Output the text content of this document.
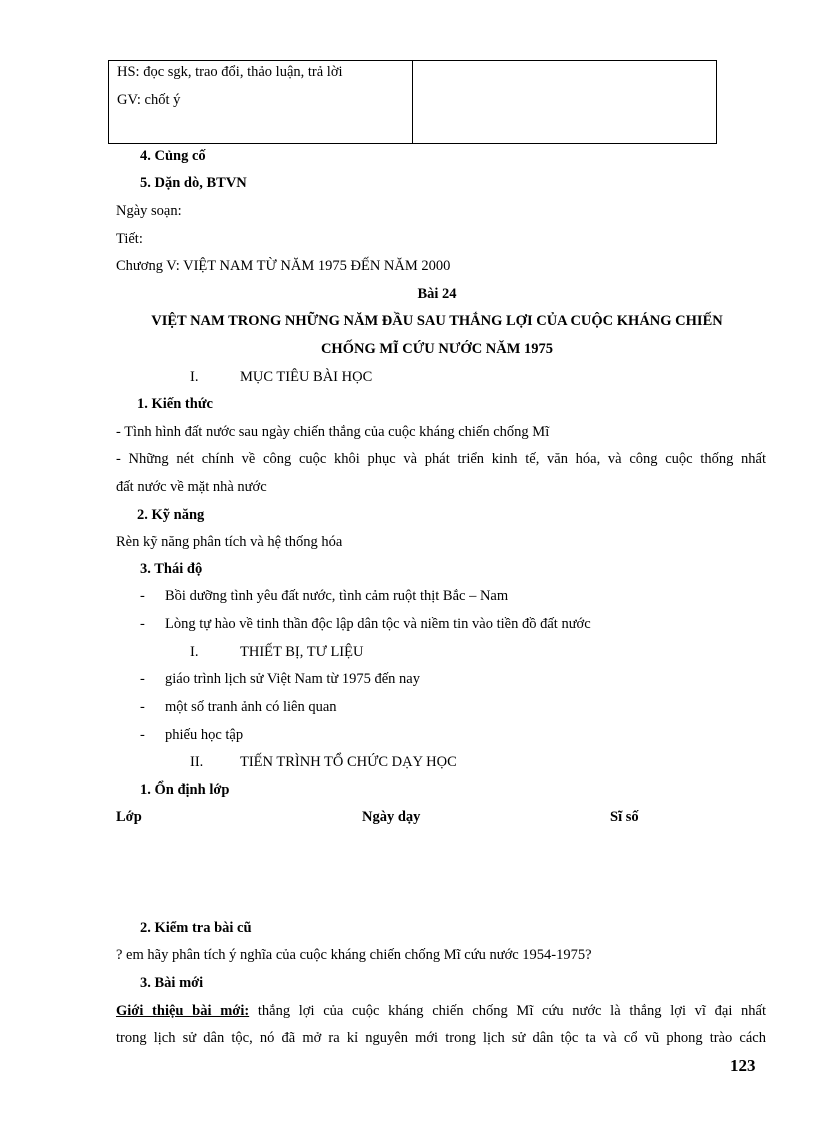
HS: đọc sgk, trao đổi, thảo luận, trả lời
GV: chốt ý
4. Củng cố
5. Dặn dò, BTVN
Ngày soạn:
Tiết:
Chương V: VIỆT NAM TỪ NĂM 1975 ĐẾN NĂM 2000
Bài 24
VIỆT NAM TRONG NHỮNG NĂM ĐẦU SAU THẮNG LỢI CỦA CUỘC KHÁNG CHIẾN
CHỐNG MĨ CỨU NƯỚC NĂM 1975
I.	MỤC TIÊU BÀI HỌC
1. Kiến thức
- Tình hình đất nước sau ngày chiến thắng của cuộc kháng chiến chống Mĩ
- Những nét chính về công cuộc khôi phục và phát triển kinh tế, văn hóa, và công cuộc thống nhất
đất nước về mặt nhà nước
2. Kỹ năng
Rèn kỹ năng phân tích và hệ thống hóa
3. Thái độ
- Bồi dưỡng tình yêu đất nước, tình cảm ruột thịt Bắc – Nam
- Lòng tự hào về tinh thần độc lập dân tộc và niềm tin vào tiền đồ đất nước
I.	THIẾT BỊ, TƯ LIỆU
- giáo trình lịch sử Việt Nam từ 1975 đến nay
- một số tranh ảnh có liên quan
- phiếu học tập
II.	TIẾN TRÌNH TỔ CHỨC DẠY HỌC
1. Ổn định lớp
Lớp	Ngày dạy	Sĩ số
2. Kiểm tra bài cũ
? em hãy phân tích ý nghĩa của cuộc kháng chiến chống Mĩ cứu nước 1954-1975?
3. Bài mới
Giới thiệu bài mới: thắng lợi của cuộc kháng chiến chống Mĩ cứu nước là thắng lợi vĩ đại nhất
trong lịch sử dân tộc, nó đã mở ra kỉ nguyên mới trong lịch sử dân tộc ta và cổ vũ phong trào cách
123
